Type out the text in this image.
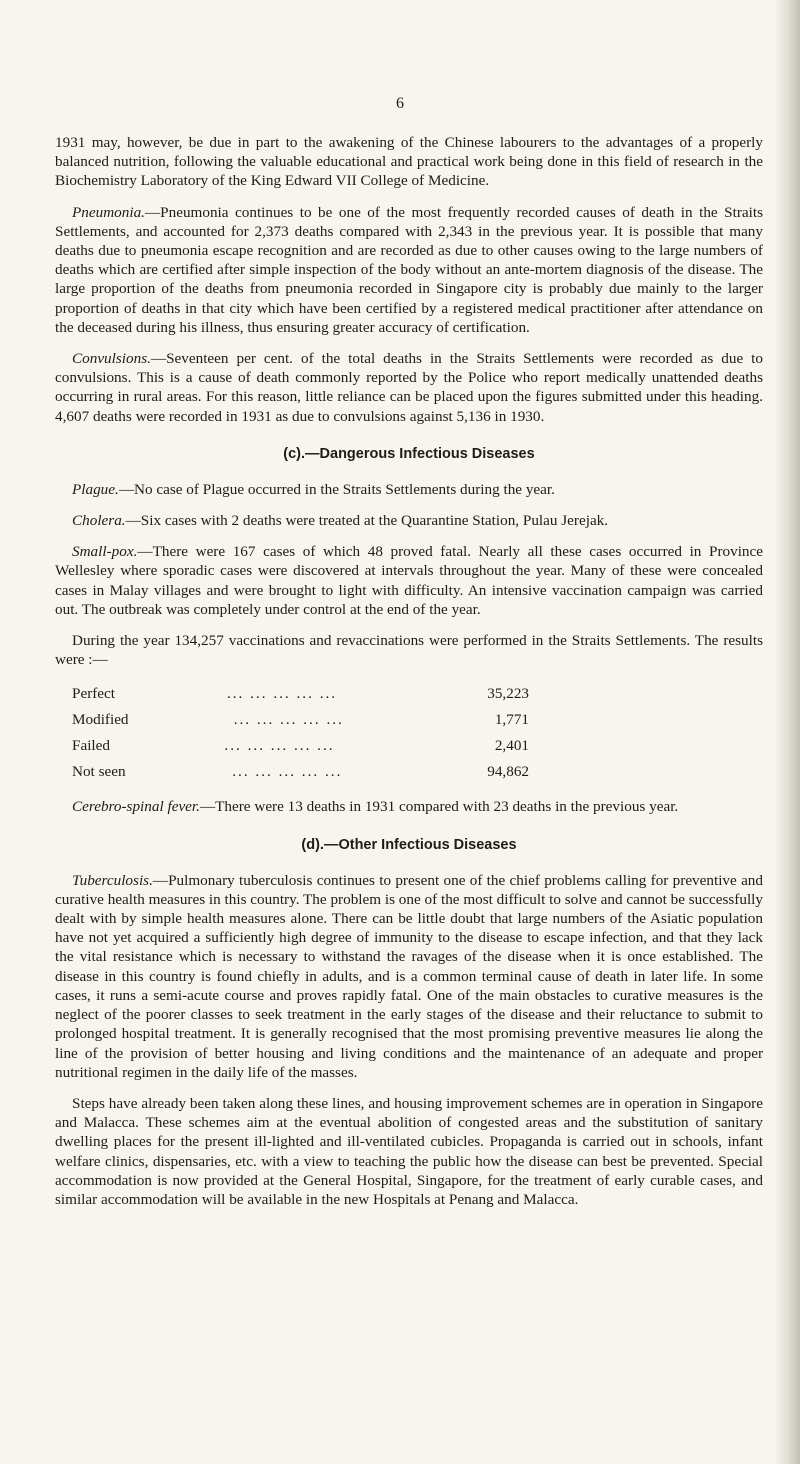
6

1931 may, however, be due in part to the awakening of the Chinese labourers to the advantages of a properly balanced nutrition, following the valuable educational and practical work being done in this field of research in the Biochemistry Laboratory of the King Edward VII College of Medicine.

Pneumonia.—Pneumonia continues to be one of the most frequently recorded causes of death in the Straits Settlements, and accounted for 2,373 deaths compared with 2,343 in the previous year. It is possible that many deaths due to pneumonia escape recognition and are recorded as due to other causes owing to the large numbers of deaths which are certified after simple inspection of the body without an ante-mortem diagnosis of the disease. The large proportion of the deaths from pneumonia recorded in Singapore city is probably due mainly to the larger proportion of deaths in that city which have been certified by a registered medical practitioner after attendance on the deceased during his illness, thus ensuring greater accuracy of certification.

Convulsions.—Seventeen per cent. of the total deaths in the Straits Settlements were recorded as due to convulsions. This is a cause of death commonly reported by the Police who report medically unattended deaths occurring in rural areas. For this reason, little reliance can be placed upon the figures submitted under this heading. 4,607 deaths were recorded in 1931 as due to convulsions against 5,136 in 1930.

(c).—Dangerous Infectious Diseases

Plague.—No case of Plague occurred in the Straits Settlements during the year.

Cholera.—Six cases with 2 deaths were treated at the Quarantine Station, Pulau Jerejak.

Small-pox.—There were 167 cases of which 48 proved fatal. Nearly all these cases occurred in Province Wellesley where sporadic cases were discovered at intervals throughout the year. Many of these were concealed cases in Malay villages and were brought to light with difficulty. An intensive vaccination campaign was carried out. The outbreak was completely under control at the end of the year.

During the year 134,257 vaccinations and revaccinations were performed in the Straits Settlements. The results were :—

Perfect	... ... ... ... ...	35,223
Modified	... ... ... ... ...	1,771
Failed	... ... ... ... ...	2,401
Not seen	... ... ... ... ...	94,862

Cerebro-spinal fever.—There were 13 deaths in 1931 compared with 23 deaths in the previous year.

(d).—Other Infectious Diseases

Tuberculosis.—Pulmonary tuberculosis continues to present one of the chief problems calling for preventive and curative health measures in this country. The problem is one of the most difficult to solve and cannot be successfully dealt with by simple health measures alone. There can be little doubt that large numbers of the Asiatic population have not yet acquired a sufficiently high degree of immunity to the disease to escape infection, and that they lack the vital resistance which is necessary to withstand the ravages of the disease when it is once established. The disease in this country is found chiefly in adults, and is a common terminal cause of death in later life. In some cases, it runs a semi-acute course and proves rapidly fatal. One of the main obstacles to curative measures is the neglect of the poorer classes to seek treatment in the early stages of the disease and their reluctance to submit to prolonged hospital treatment. It is generally recognised that the most promising preventive measures lie along the line of the provision of better housing and living conditions and the maintenance of an adequate and proper nutritional regimen in the daily life of the masses.

Steps have already been taken along these lines, and housing improvement schemes are in operation in Singapore and Malacca. These schemes aim at the eventual abolition of congested areas and the substitution of sanitary dwelling places for the present ill-lighted and ill-ventilated cubicles. Propaganda is carried out in schools, infant welfare clinics, dispensaries, etc. with a view to teaching the public how the disease can best be prevented. Special accommodation is now provided at the General Hospital, Singapore, for the treatment of early curable cases, and similar accommodation will be available in the new Hospitals at Penang and Malacca.
